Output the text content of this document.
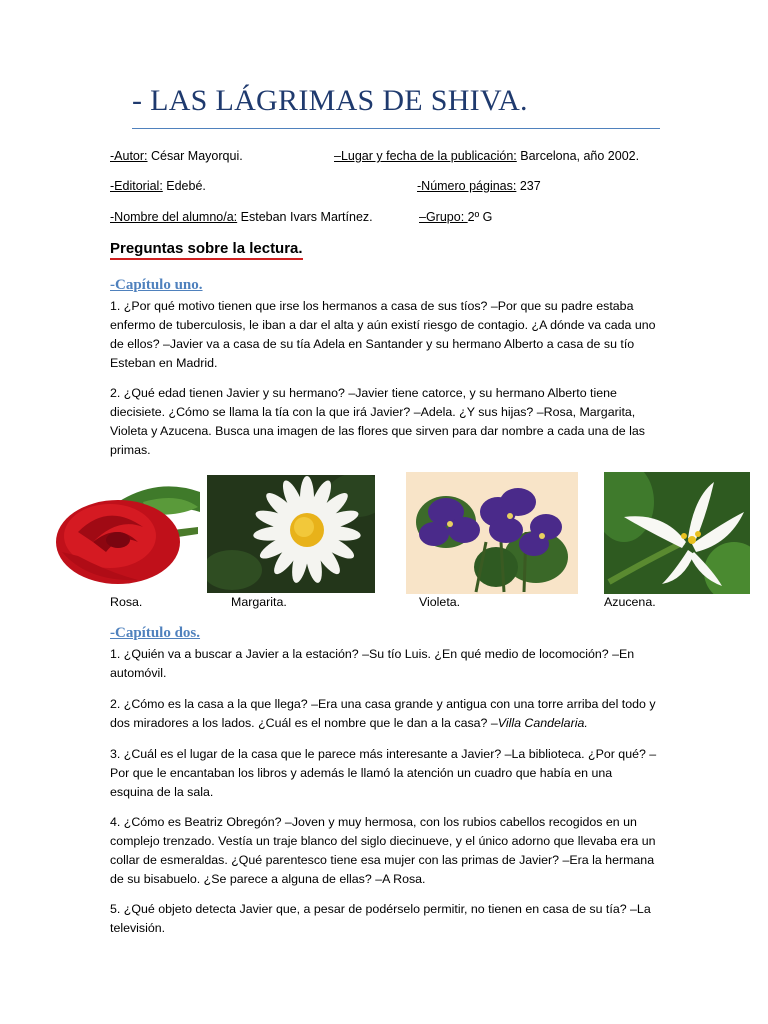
- LAS LÁGRIMAS DE SHIVA.
-Autor: César Mayorqui.	–Lugar y fecha de la publicación: Barcelona, año 2002.
-Editorial: Edebé.	-Número páginas: 237
-Nombre del alumno/a: Esteban Ivars Martínez.	–Grupo: 2º G
Preguntas sobre la lectura.
-Capítulo uno.

1. ¿Por qué motivo tienen que irse los hermanos a casa de sus tíos? –Por que su padre estaba enfermo de tuberculosis, le iban a dar el alta y aún existí riesgo de contagio. ¿A dónde va cada uno de ellos? –Javier va a casa de su tía Adela en Santander y su hermano Alberto a casa de su tío Esteban en Madrid.

2. ¿Qué edad tienen Javier y su hermano? –Javier tiene catorce, y su hermano Alberto tiene diecisiete. ¿Cómo se llama la tía con la que irá Javier? –Adela. ¿Y sus hijas? –Rosa, Margarita, Violeta y Azucena. Busca una imagen de las flores que sirven para dar nombre a cada una de las primas.

Rosa.	Margarita.	Violeta.	Azucena.
-Capítulo dos.

1. ¿Quién va a buscar a Javier a la estación? –Su tío Luis. ¿En qué medio de locomoción? –En automóvil.

2. ¿Cómo es la casa a la que llega? –Era una casa grande y antigua con una torre arriba del todo y dos miradores a los lados. ¿Cuál es el nombre que le dan a la casa? –Villa Candelaria.

3. ¿Cuál es el lugar de la casa que le parece más interesante a Javier? –La biblioteca. ¿Por qué? –Por que le encantaban los libros y además le llamó la atención un cuadro que había en una esquina de la sala.

4. ¿Cómo es Beatriz Obregón? –Joven y muy hermosa, con los rubios cabellos recogidos en un complejo trenzado. Vestía un traje blanco del siglo diecinueve, y el único adorno que llevaba era un collar de esmeraldas. ¿Qué parentesco tiene esa mujer con las primas de Javier? –Era la hermana de su bisabuelo. ¿Se parece a alguna de ellas? –A Rosa.

5. ¿Qué objeto detecta Javier que, a pesar de podérselo permitir, no tienen en casa de su tía? –La televisión.
